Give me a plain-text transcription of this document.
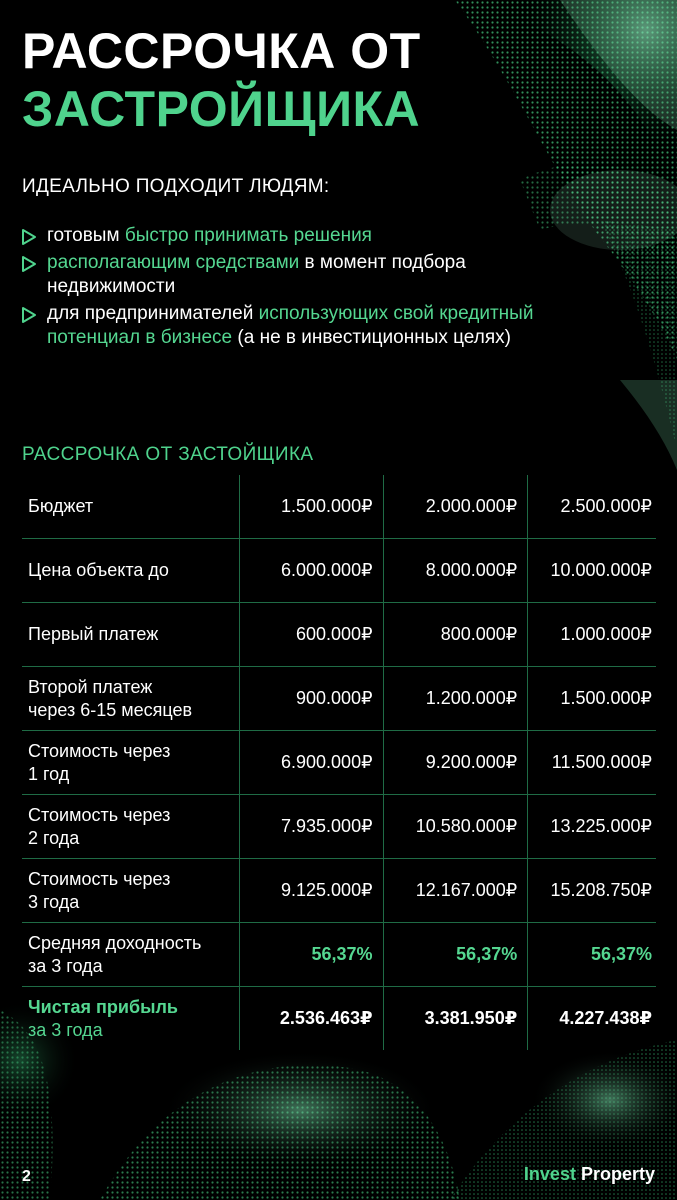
РАССРОЧКА ОТ
ЗАСТРОЙЩИКА
ИДЕАЛЬНО ПОДХОДИТ ЛЮДЯМ:
готовым быстро принимать решения
располагающим средствами в момент подбора недвижимости
для предпринимателей использующих свой кредитный потенциал в бизнесе (а не в инвестиционных целях)
РАССРОЧКА ОТ ЗАСТОЙЩИКА
Бюджет	1.500.000₽	2.000.000₽	2.500.000₽
Цена объекта до	6.000.000₽	8.000.000₽	10.000.000₽
Первый платеж	600.000₽	800.000₽	1.000.000₽
Второй платеж
через 6-15 месяцев	900.000₽	1.200.000₽	1.500.000₽
Стоимость через
1 год	6.900.000₽	9.200.000₽	11.500.000₽
Стоимость через
2 года	7.935.000₽	10.580.000₽	13.225.000₽
Стоимость через
3 года	9.125.000₽	12.167.000₽	15.208.750₽
Средняя доходность
за 3 года	56,37%	56,37%	56,37%
Чистая прибыль
за 3 года	2.536.463₽	3.381.950₽	4.227.438₽
2	Invest Property
